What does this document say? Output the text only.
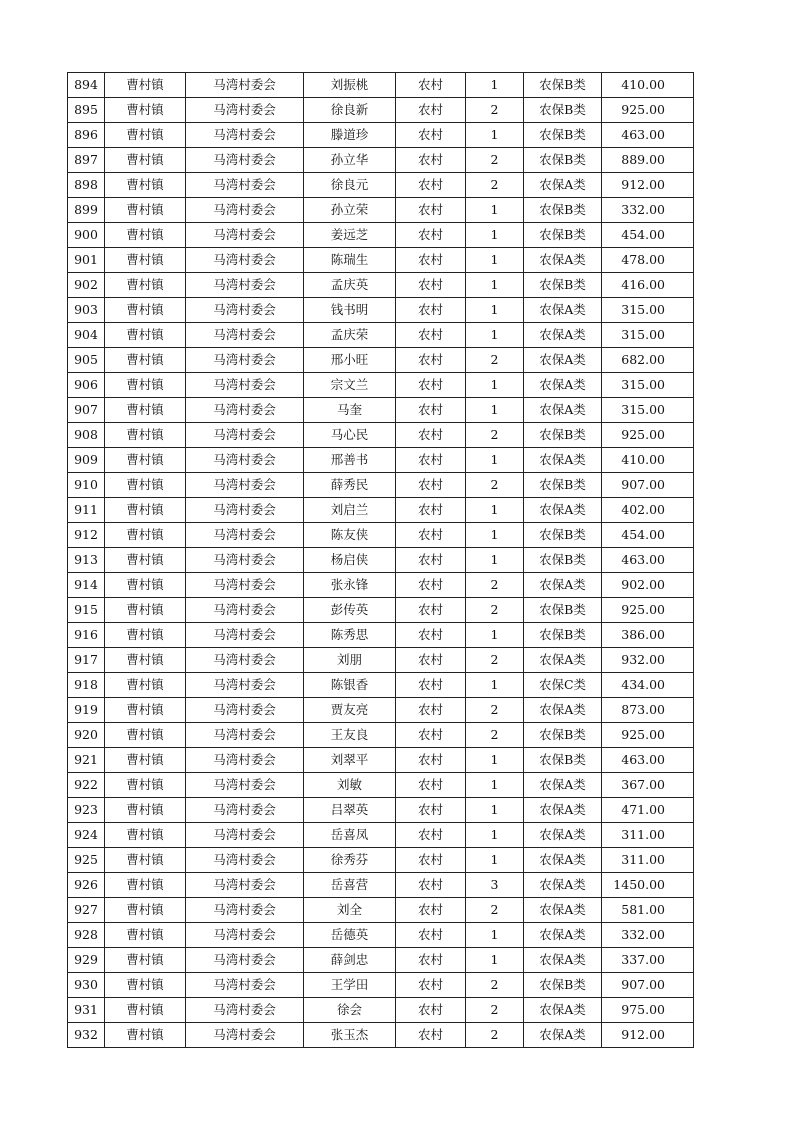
894	曹村镇	马湾村委会	刘振桃	农村	1	农保B类	410.00
895	曹村镇	马湾村委会	徐良新	农村	2	农保B类	925.00
896	曹村镇	马湾村委会	滕道珍	农村	1	农保B类	463.00
897	曹村镇	马湾村委会	孙立华	农村	2	农保B类	889.00
898	曹村镇	马湾村委会	徐良元	农村	2	农保A类	912.00
899	曹村镇	马湾村委会	孙立荣	农村	1	农保B类	332.00
900	曹村镇	马湾村委会	姜远芝	农村	1	农保B类	454.00
901	曹村镇	马湾村委会	陈瑞生	农村	1	农保A类	478.00
902	曹村镇	马湾村委会	孟庆英	农村	1	农保B类	416.00
903	曹村镇	马湾村委会	钱书明	农村	1	农保A类	315.00
904	曹村镇	马湾村委会	孟庆荣	农村	1	农保A类	315.00
905	曹村镇	马湾村委会	邢小旺	农村	2	农保A类	682.00
906	曹村镇	马湾村委会	宗文兰	农村	1	农保A类	315.00
907	曹村镇	马湾村委会	马奎	农村	1	农保A类	315.00
908	曹村镇	马湾村委会	马心民	农村	2	农保B类	925.00
909	曹村镇	马湾村委会	邢善书	农村	1	农保A类	410.00
910	曹村镇	马湾村委会	薛秀民	农村	2	农保B类	907.00
911	曹村镇	马湾村委会	刘启兰	农村	1	农保A类	402.00
912	曹村镇	马湾村委会	陈友侠	农村	1	农保B类	454.00
913	曹村镇	马湾村委会	杨启侠	农村	1	农保B类	463.00
914	曹村镇	马湾村委会	张永锋	农村	2	农保A类	902.00
915	曹村镇	马湾村委会	彭传英	农村	2	农保B类	925.00
916	曹村镇	马湾村委会	陈秀思	农村	1	农保B类	386.00
917	曹村镇	马湾村委会	刘朋	农村	2	农保A类	932.00
918	曹村镇	马湾村委会	陈银香	农村	1	农保C类	434.00
919	曹村镇	马湾村委会	贾友亮	农村	2	农保A类	873.00
920	曹村镇	马湾村委会	王友良	农村	2	农保B类	925.00
921	曹村镇	马湾村委会	刘翠平	农村	1	农保B类	463.00
922	曹村镇	马湾村委会	刘敏	农村	1	农保A类	367.00
923	曹村镇	马湾村委会	吕翠英	农村	1	农保A类	471.00
924	曹村镇	马湾村委会	岳喜凤	农村	1	农保A类	311.00
925	曹村镇	马湾村委会	徐秀芬	农村	1	农保A类	311.00
926	曹村镇	马湾村委会	岳喜营	农村	3	农保A类	1450.00
927	曹村镇	马湾村委会	刘全	农村	2	农保A类	581.00
928	曹村镇	马湾村委会	岳德英	农村	1	农保A类	332.00
929	曹村镇	马湾村委会	薛剑忠	农村	1	农保A类	337.00
930	曹村镇	马湾村委会	王学田	农村	2	农保B类	907.00
931	曹村镇	马湾村委会	徐会	农村	2	农保A类	975.00
932	曹村镇	马湾村委会	张玉杰	农村	2	农保A类	912.00
